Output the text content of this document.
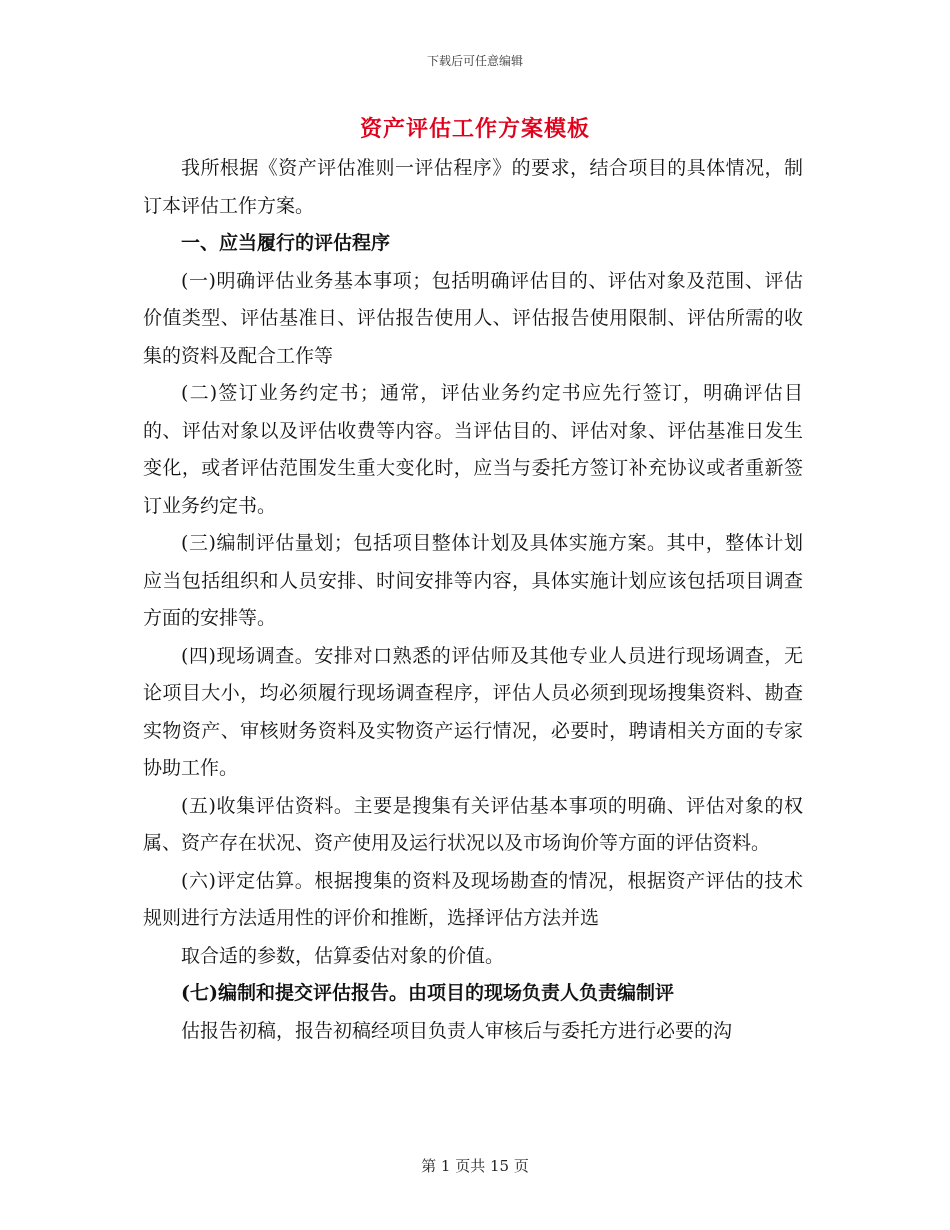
下载后可任意编辑
资产评估工作方案模板

我所根据《资产评估准则一评估程序》的要求，结合项目的具体情况，制订本评估工作方案。

一、应当履行的评估程序

(一)明确评估业务基本事项；包括明确评估目的、评估对象及范围、评估价值类型、评估基准日、评估报告使用人、评估报告使用限制、评估所需的收集的资料及配合工作等

(二)签订业务约定书；通常，评估业务约定书应先行签订，明确评估目的、评估对象以及评估收费等内容。当评估目的、评估对象、评估基准日发生变化，或者评估范围发生重大变化时，应当与委托方签订补充协议或者重新签订业务约定书。

(三)编制评估量划；包括项目整体计划及具体实施方案。其中，整体计划应当包括组织和人员安排、时间安排等内容，具体实施计划应该包括项目调查方面的安排等。

(四)现场调查。安排对口熟悉的评估师及其他专业人员进行现场调查，无论项目大小，均必须履行现场调查程序，评估人员必须到现场搜集资料、勘查实物资产、审核财务资料及实物资产运行情况，必要时，聘请相关方面的专家协助工作。

(五)收集评估资料。主要是搜集有关评估基本事项的明确、评估对象的权属、资产存在状况、资产使用及运行状况以及市场询价等方面的评估资料。

(六)评定估算。根据搜集的资料及现场勘查的情况，根据资产评估的技术规则进行方法适用性的评价和推断，选择评估方法并选

取合适的参数，估算委估对象的价值。

(七)编制和提交评估报告。由项目的现场负责人负责编制评

估报告初稿，报告初稿经项目负责人审核后与委托方进行必要的沟

第 1 页共 15 页
